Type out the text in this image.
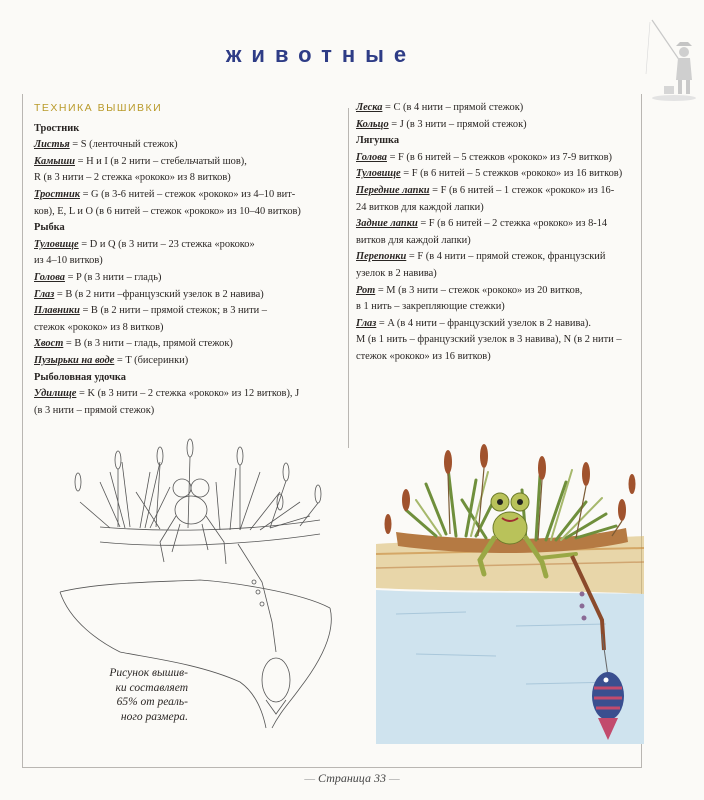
животные
ТЕХНИКА ВЫШИВКИ
Тростник
Листья = S (ленточный стежок)
Камыши = H и I (в 2 нити – стебельчатый шов),
R (в 3 нити – 2 стежка «рококо» из 8 витков)
Тростник = G (в 3-6 нитей – стежок «рококо» из 4–10 вит-
ков), E, L и O (в 6 нитей – стежок «рококо» из 10–40 витков)
Рыбка
Туловище = D и Q (в 3 нити – 23 стежка «рококо»
из 4–10 витков)
Голова = P (в 3 нити – гладь)
Глаз = B (в 2 нити –французский узелок в 2 навива)
Плавники = B (в 2 нити – прямой стежок; в 3 нити –
стежок «рококо» из 8 витков)
Хвост = B (в 3 нити – гладь, прямой стежок)
Пузырьки на воде = T (бисеринки)
Рыболовная удочка
Удилище = K (в 3 нити – 2 стежка «рококо» из 12 витков), J
(в 3 нити – прямой стежок)
Леска = C (в 4 нити – прямой стежок)
Кольцо = J (в 3 нити – прямой стежок)
Лягушка
Голова = F (в 6 нитей – 5 стежков «рококо» из 7-9 витков)
Туловище = F (в 6 нитей – 5 стежков «рококо» из 16 витков)
Передние лапки = F (в 6 нитей – 1 стежок «рококо» из 16-
24 витков для каждой лапки)
Задние лапки = F (в 6 нитей – 2 стежка «рококо» из 8-14
витков для каждой лапки)
Перепонки = F (в 4 нити – прямой стежок, французский
узелок в 2 навива)
Рот = M (в 3 нити – стежок «рококо» из 20 витков,
в 1 нить – закрепляющие стежки)
Глаз = A (в 4 нити – французский узелок в 2 навива).
M (в 1 нить – французский узелок в 3 навива), N (в 2 нити –
стежок «рококо» из 16 витков)
Рисунок вышив-
ки составляет
65% от реаль-
ного размера.
— Страница 33 —
